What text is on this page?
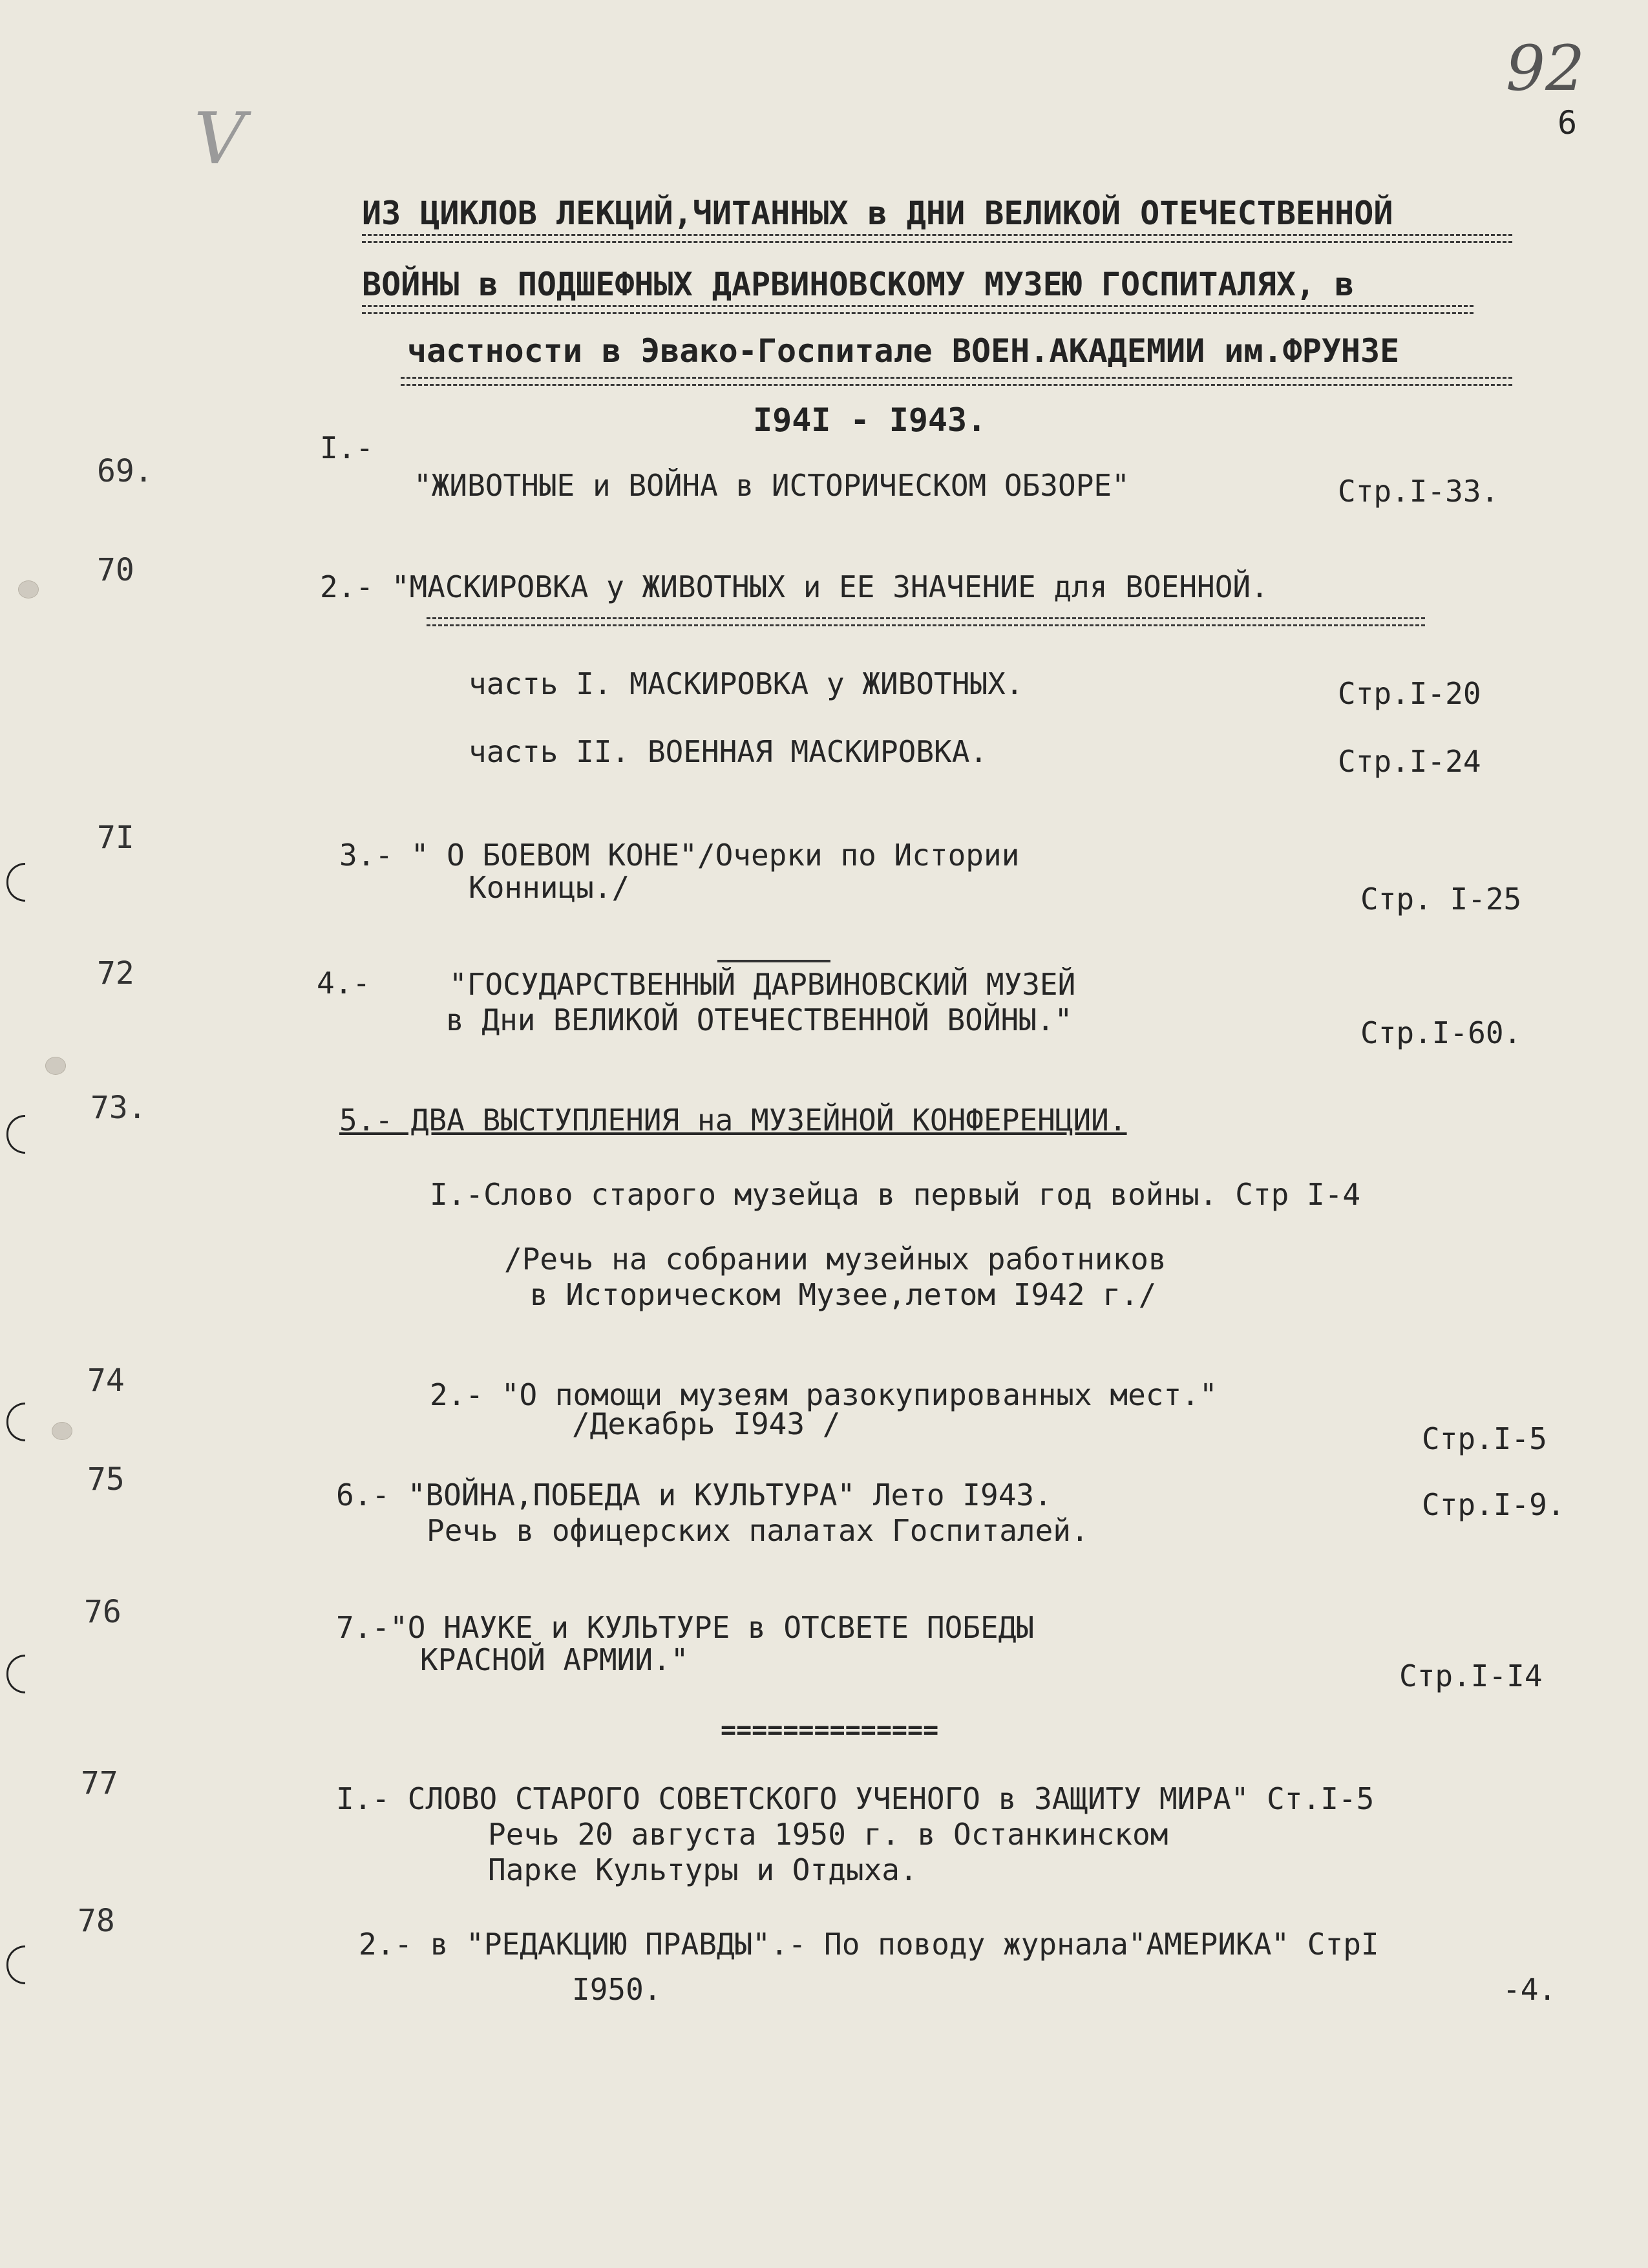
92
6
V
ИЗ ЦИКЛОВ ЛЕКЦИЙ,ЧИТАННЫХ в ДНИ ВЕЛИКОЙ ОТЕЧЕСТВЕННОЙ
ВОЙНЫ в ПОДШЕФНЫХ ДАРВИНОВСКОМУ МУЗЕЮ ГОСПИТАЛЯХ, в
частности в Эвако-Госпитале ВОЕН.АКАДЕМИИ им.ФРУНЗЕ
I94I - I943.
69.
I.-
"ЖИВОТНЫЕ и ВОЙНА в ИСТОРИЧЕСКОМ ОБЗОРЕ"	Стр.I-33.
70	2.- "МАСКИРОВКА у ЖИВОТНЫХ и ЕЕ ЗНАЧЕНИЕ для ВОЕННОЙ.
часть I. МАСКИРОВКА у ЖИВОТНЫХ.	Стр.I-20
часть II. ВОЕННАЯ МАСКИРОВКА.	Стр.I-24
7I	3.- " О БОЕВОМ КОНЕ"/Очерки по Истории
Конницы./	Стр. I-25
72	4.-	"ГОСУДАРСТВЕННЫЙ ДАРВИНОВСКИЙ МУЗЕЙ
в Дни ВЕЛИКОЙ ОТЕЧЕСТВЕННОЙ ВОЙНЫ."	Стр.I-60.
73.	5.- ДВА ВЫСТУПЛЕНИЯ на МУЗЕЙНОЙ КОНФЕРЕНЦИИ.
I.-Слово старого музейца в первый год войны. Стр I-4
/Речь на собрании музейных работников
в Историческом Музее,летом I942 г./
74	2.- "О помощи музеям разокупированных мест."
/Декабрь I943 /	Стр.I-5
75	6.- "ВОЙНА,ПОБЕДА и КУЛЬТУРА" Лето I943.
Речь в офицерских палатах Госпиталей.
Стр.I-9.
76	7.-"О НАУКЕ и КУЛЬТУРЕ в ОТСВЕТЕ ПОБЕДЫ
КРАСНОЙ АРМИИ."	Стр.I-I4
==============
77	I.- СЛОВО СТАРОГО СОВЕТСКОГО УЧЕНОГО в ЗАЩИТУ МИРА" Ст.I-5
Речь 20 августа 1950 г. в Останкинском
Парке Культуры и Отдыха.
78
2.- в "РЕДАКЦИЮ ПРАВДЫ".- По поводу журнала"АМЕРИКА" СтрI
I950.	-4.
